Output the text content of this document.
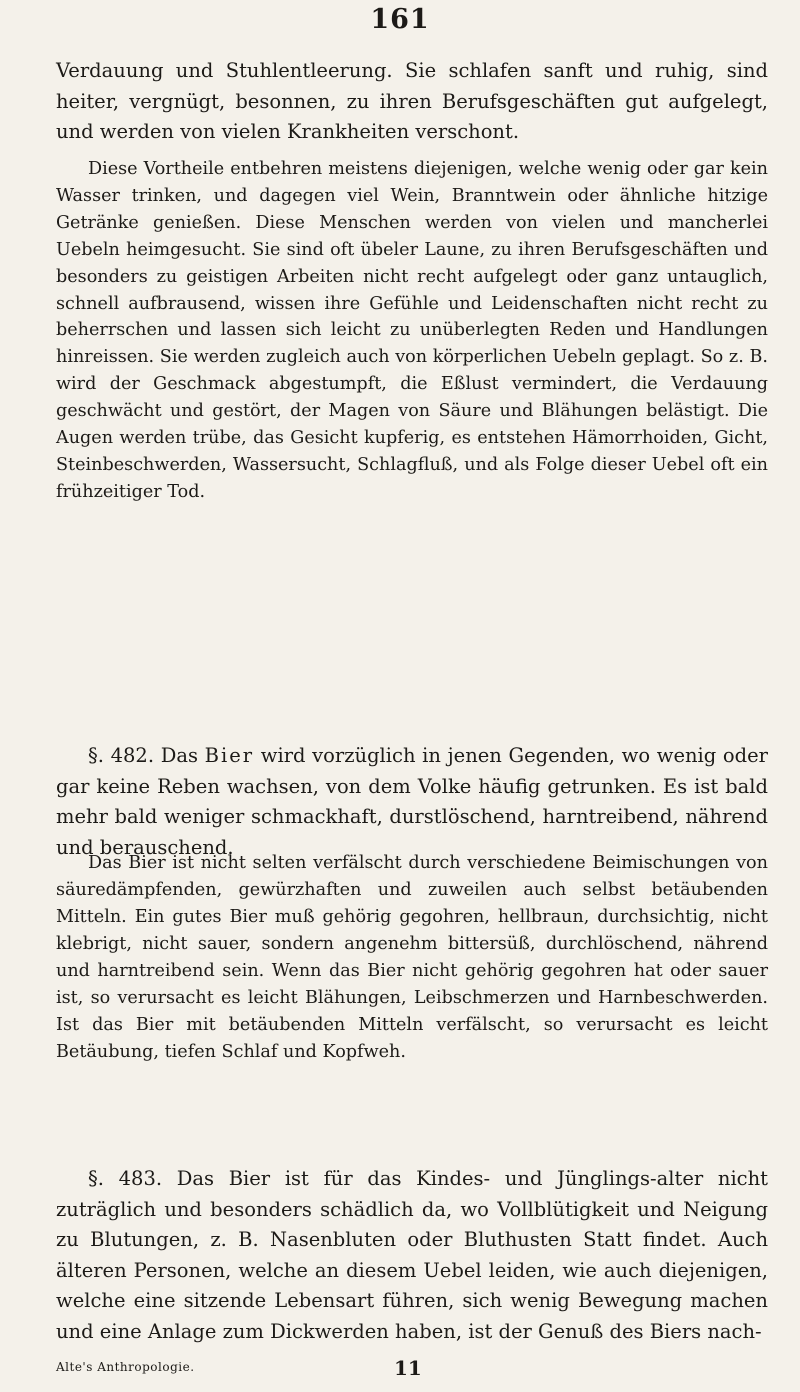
161

Verdauung und Stuhlentleerung. Sie schlafen sanft und ruhig, sind heiter, vergnügt, besonnen, zu ihren Berufsgeschäften gut aufgelegt, und werden von vielen Krankheiten verschont.

Diese Vortheile entbehren meistens diejenigen, welche wenig oder gar kein Wasser trinken, und dagegen viel Wein, Branntwein oder ähnliche hitzige Getränke genießen. Diese Menschen werden von vielen und mancherlei Uebeln heimgesucht. Sie sind oft übeler Laune, zu ihren Berufsgeschäften und besonders zu geistigen Arbeiten nicht recht aufgelegt oder ganz untauglich, schnell aufbrausend, wissen ihre Gefühle und Leidenschaften nicht recht zu beherrschen und lassen sich leicht zu unüberlegten Reden und Handlungen hinreissen. Sie werden zugleich auch von körperlichen Uebeln geplagt. So z. B. wird der Geschmack abgestumpft, die Eßlust vermindert, die Verdauung geschwächt und gestört, der Magen von Säure und Blähungen belästigt. Die Augen werden trübe, das Gesicht kupferig, es entstehen Hämorrhoiden, Gicht, Steinbeschwerden, Wassersucht, Schlagfluß, und als Folge dieser Uebel oft ein frühzeitiger Tod.

§. 482. Das Bier wird vorzüglich in jenen Gegenden, wo wenig oder gar keine Reben wachsen, von dem Volke häufig getrunken. Es ist bald mehr bald weniger schmackhaft, durstlöschend, harntreibend, nährend und berauschend.

Das Bier ist nicht selten verfälscht durch verschiedene Beimischungen von säuredämpfenden, gewürzhaften und zuweilen auch selbst betäubenden Mitteln. Ein gutes Bier muß gehörig gegohren, hellbraun, durchsichtig, nicht klebrigt, nicht sauer, sondern angenehm bittersüß, durchlöschend, nährend und harntreibend sein. Wenn das Bier nicht gehörig gegohren hat oder sauer ist, so verursacht es leicht Blähungen, Leibschmerzen und Harnbeschwerden. Ist das Bier mit betäubenden Mitteln verfälscht, so verursacht es leicht Betäubung, tiefen Schlaf und Kopfweh.

§. 483. Das Bier ist für das Kindes- und Jünglings-alter nicht zuträglich und besonders schädlich da, wo Vollblütigkeit und Neigung zu Blutungen, z. B. Nasenbluten oder Bluthusten Statt findet. Auch älteren Personen, welche an diesem Uebel leiden, wie auch diejenigen, welche eine sitzende Lebensart führen, sich wenig Bewegung machen und eine Anlage zum Dickwerden haben, ist der Genuß des Biers nach-

Alte's Anthropologie.	11
